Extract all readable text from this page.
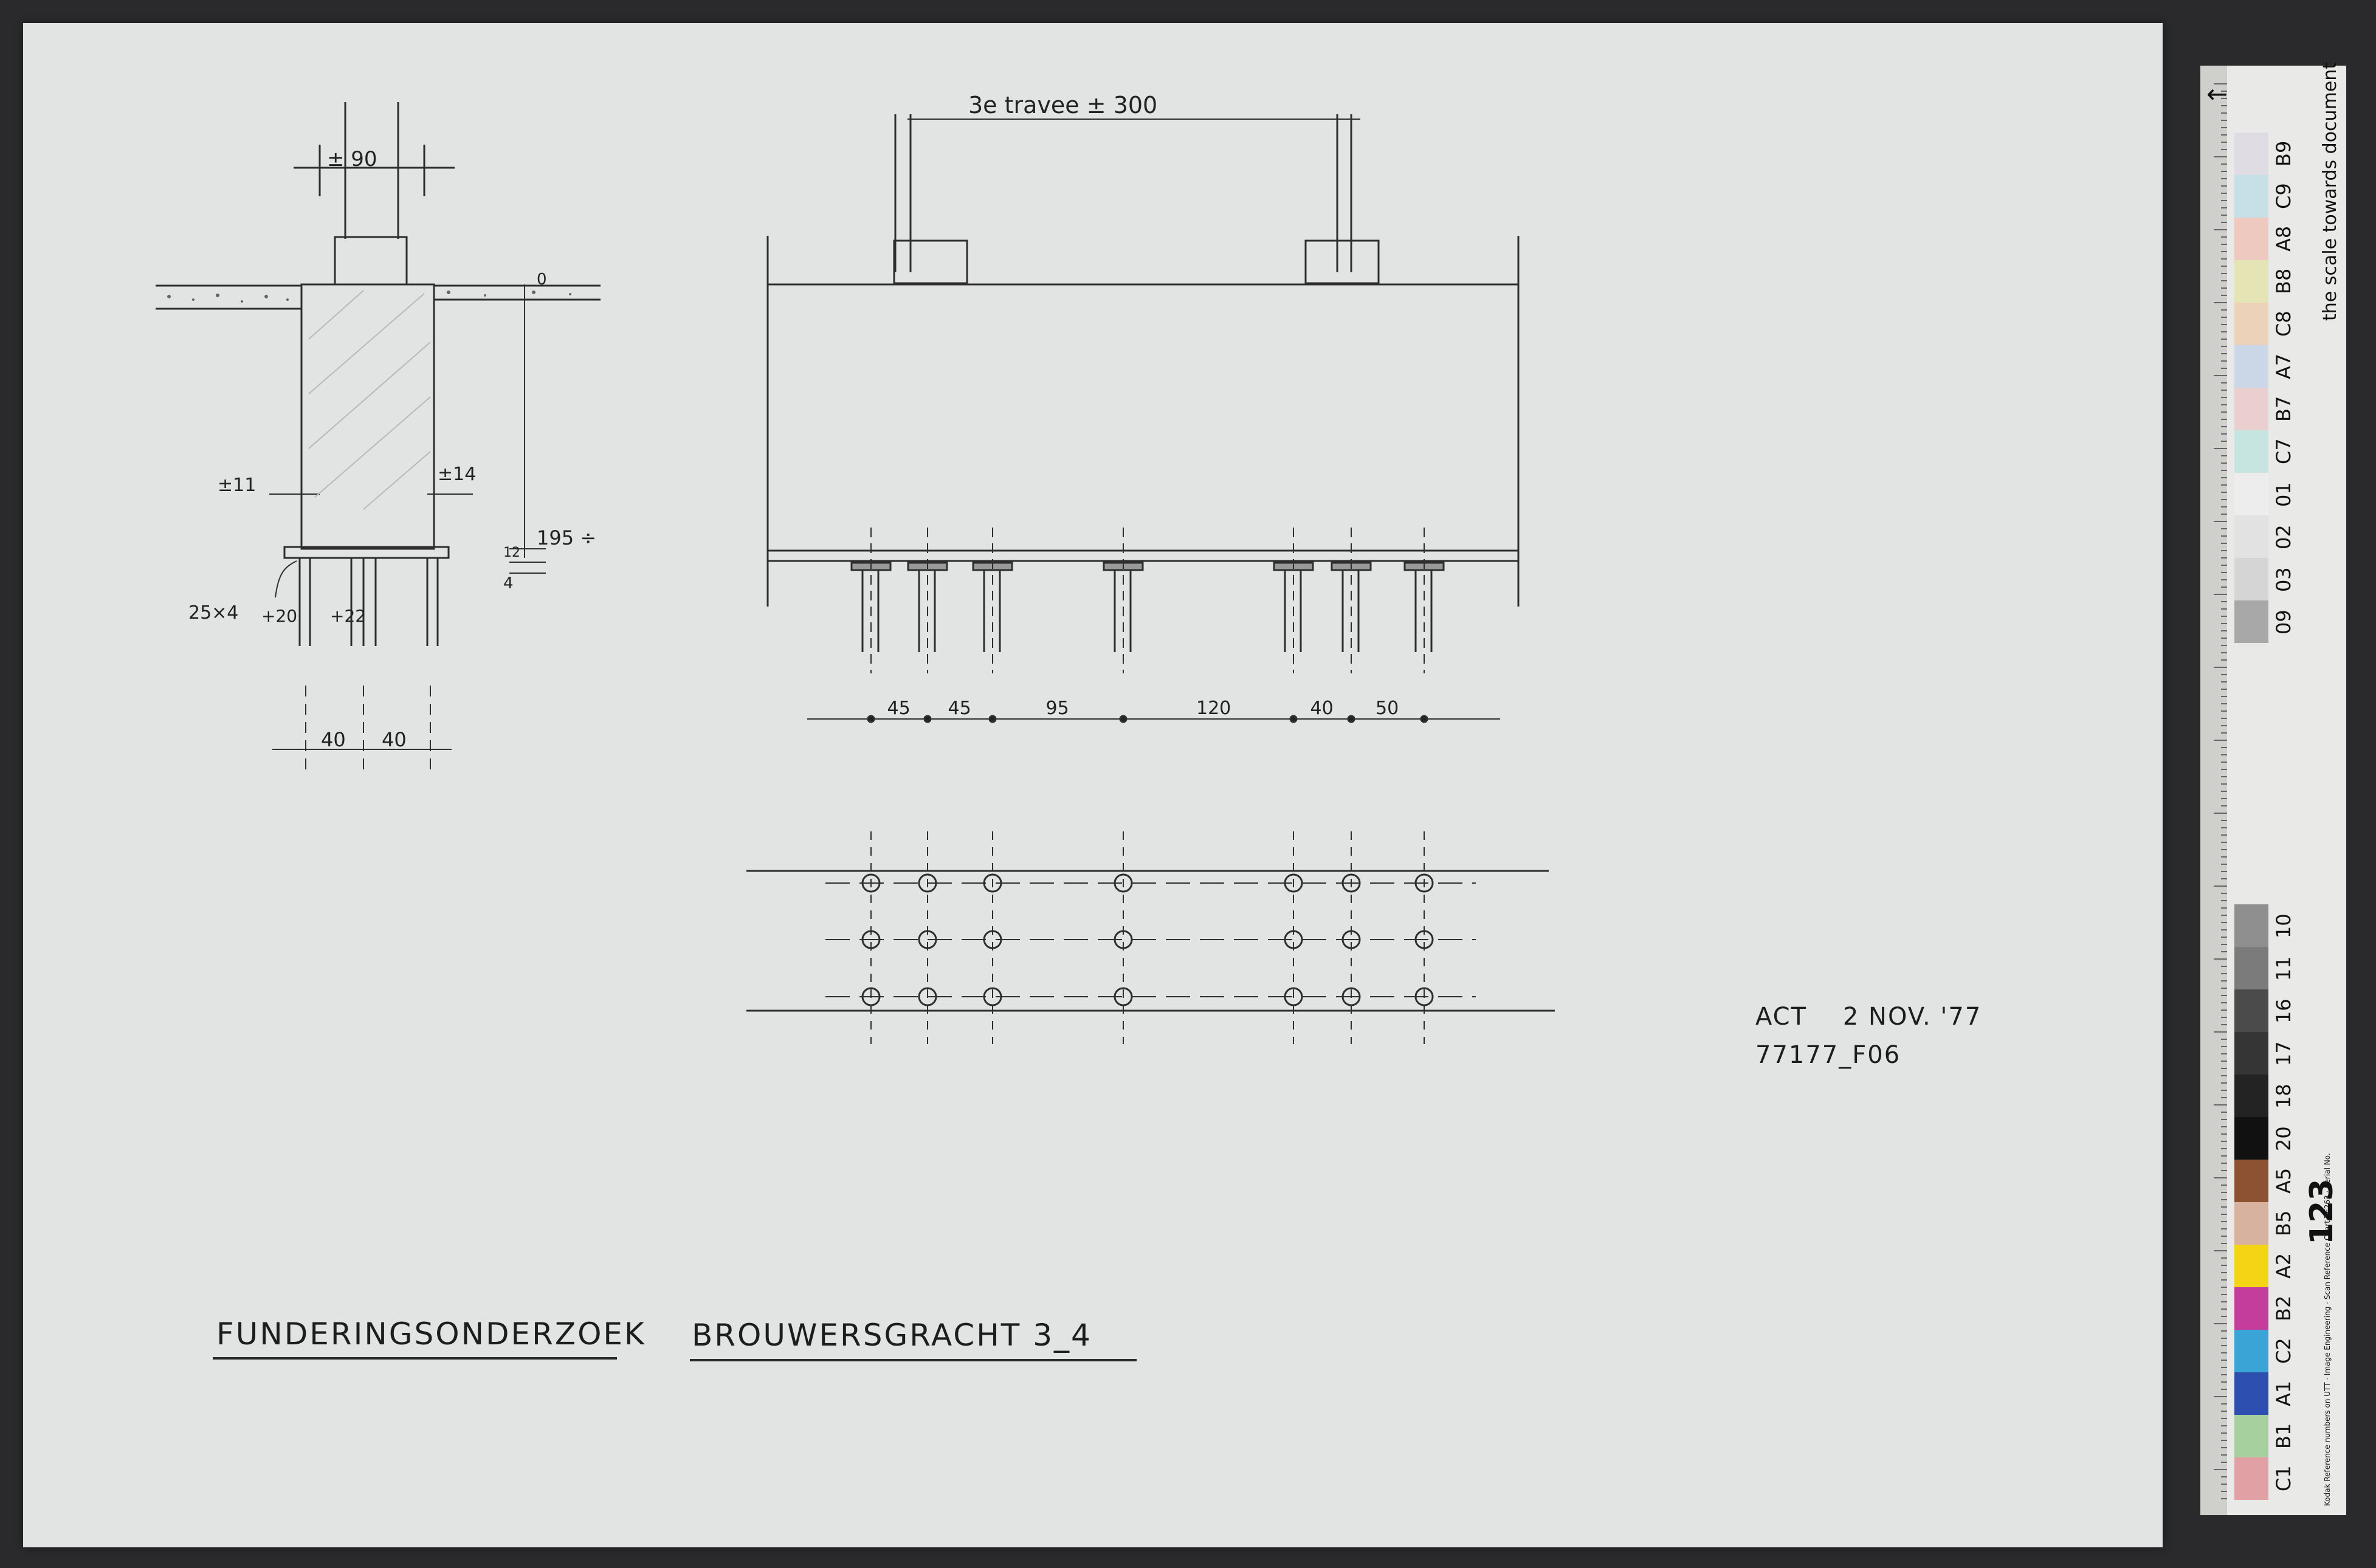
± 90
±11
±14
0
195 ÷
25×4 +20 +22
12
4
40 40
3e travee ± 300
45 45	95	120	40 50
ACT    2 NOV. '77
77177_F06
FUNDERINGSONDERZOEK BROUWERSGRACHT 3_4
←	the scale towards document
B9
C9
A8
B8
C8
A7
B7
C7
01
02
03
09
10
11
16
17
18
20
A5
B5
A2
B2
C2
A1
B1
C1
123
Kodak Reference numbers on UTT · Image Engineering · Scan Reference Chart TE263 · Serial No.
